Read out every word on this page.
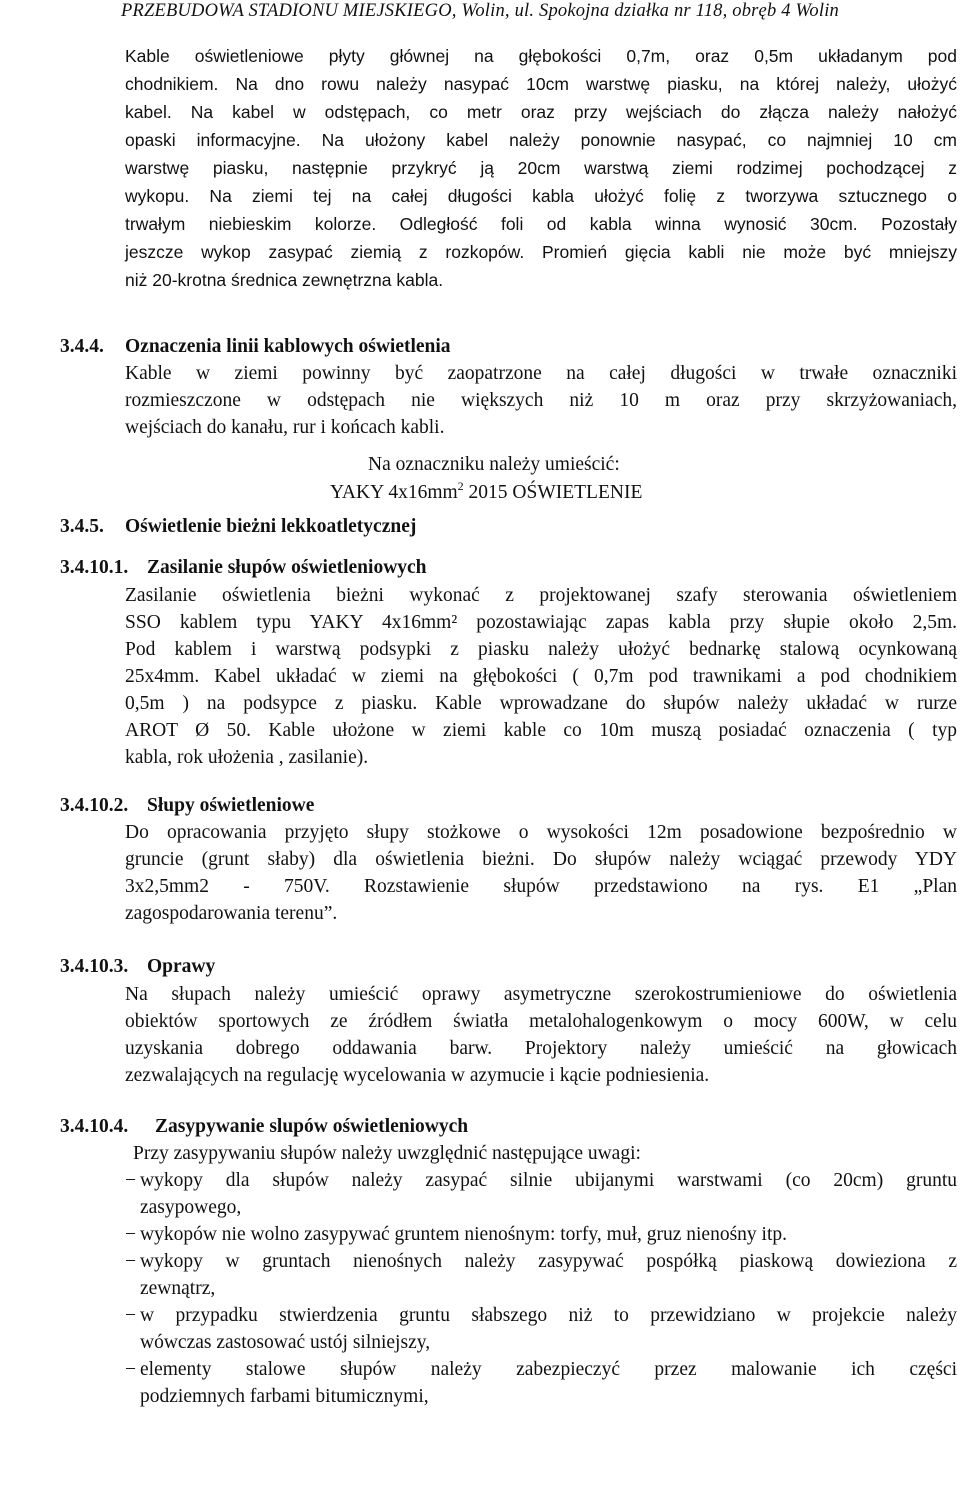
PRZEBUDOWA STADIONU MIEJSKIEGO, Wolin, ul. Spokojna działka nr 118, obręb 4 Wolin
Kable oświetleniowe płyty głównej na głębokości 0,7m, oraz 0,5m układanym pod
chodnikiem. Na dno rowu należy nasypać 10cm warstwę piasku, na której należy, ułożyć
kabel. Na kabel w odstępach, co metr oraz przy wejściach do złącza należy nałożyć
opaski informacyjne. Na ułożony kabel należy ponownie nasypać, co najmniej 10 cm
warstwę piasku, następnie przykryć ją 20cm warstwą ziemi rodzimej pochodzącej z
wykopu. Na ziemi tej na całej długości kabla ułożyć folię z tworzywa sztucznego o
trwałym niebieskim kolorze. Odległość foli od kabla winna wynosić 30cm. Pozostały
jeszcze wykop zasypać ziemią z rozkopów. Promień gięcia kabli nie może być mniejszy
niż 20-krotna średnica zewnętrzna kabla.
3.4.4. Oznaczenia linii kablowych oświetlenia
Kable w ziemi powinny być zaopatrzone na całej długości w trwałe oznaczniki
rozmieszczone w odstępach nie większych niż 10 m oraz przy skrzyżowaniach,
wejściach do kanału, rur i końcach kabli.
Na oznaczniku należy umieścić:
YAKY $4x16mm^2$ 2015 OŚWIETLENIE
3.4.5. Oświetlenie bieżni lekkoatletycznej
3.4.10.1. Zasilanie słupów oświetleniowych
Zasilanie oświetlenia bieżni wykonać z projektowanej szafy sterowania oświetleniem
SSO kablem typu YAKY 4x16mm² pozostawiając zapas kabla przy słupie około 2,5m.
Pod kablem i warstwą podsypki z piasku należy ułożyć bednarkę stalową ocynkowaną
25x4mm. Kabel układać w ziemi na głębokości ( 0,7m pod trawnikami a pod chodnikiem
0,5m ) na podsypce z piasku. Kable wprowadzane do słupów należy układać w rurze
AROT Ø 50. Kable ułożone w ziemi kable co 10m muszą posiadać oznaczenia ( typ
kabla, rok ułożenia , zasilanie).
3.4.10.2. Słupy oświetleniowe
Do opracowania przyjęto słupy stożkowe o wysokości 12m posadowione bezpośrednio w
gruncie (grunt słaby) dla oświetlenia bieżni. Do słupów należy wciągać przewody YDY
3x2,5mm2 - 750V. Rozstawienie słupów przedstawiono na rys. E1 „Plan
zagospodarowania terenu”.
3.4.10.3. Oprawy
Na słupach należy umieścić oprawy asymetryczne szerokostrumieniowe do oświetlenia
obiektów sportowych ze źródłem światła metalohalogenkowym o mocy 600W, w celu
uzyskania dobrego oddawania barw. Projektory należy umieścić na głowicach
zezwalających na regulację wycelowania w azymucie i kącie podniesienia.
3.4.10.4. Zasypywanie slupów oświetleniowych
Przy zasypywaniu słupów należy uwzględnić następujące uwagi:
− wykopy dla słupów należy zasypać silnie ubijanymi warstwami (co 20cm) gruntu
zasypowego,
− wykopów nie wolno zasypywać gruntem nienośnym: torfy, muł, gruz nienośny itp.
− wykopy w gruntach nienośnych należy zasypywać pospółką piaskową dowieziona z
zewnątrz,
− w przypadku stwierdzenia gruntu słabszego niż to przewidziano w projekcie należy
wówczas zastosować ustój silniejszy,
− elementy stalowe słupów należy zabezpieczyć przez malowanie ich części
podziemnych farbami bitumicznymi,
